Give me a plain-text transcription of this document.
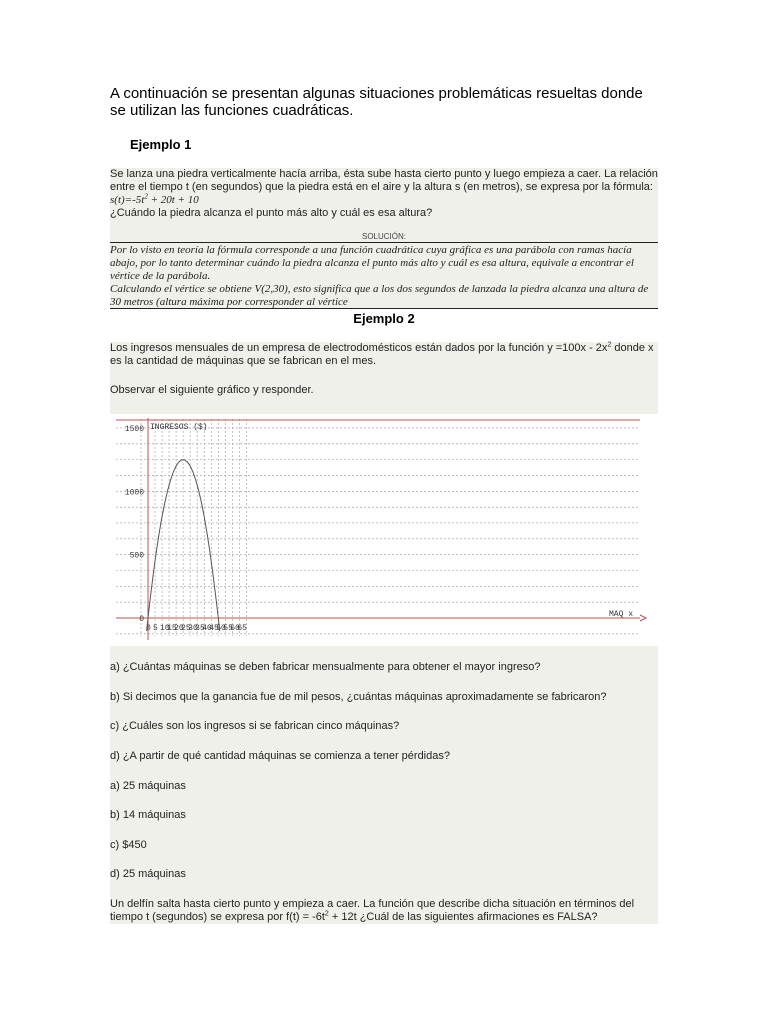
A continuación se presentan algunas situaciones problemáticas resueltas donde se utilizan las funciones cuadráticas.
Ejemplo 1

Se lanza una piedra verticalmente hacía arriba, ésta sube hasta cierto punto y luego empieza a caer. La relación entre el tiempo t (en segundos) que la piedra está en el aire y la altura s (en metros), se expresa por la fórmula:

$s(t)=-5t^2 + 20t + 10$

¿Cuándo la piedra alcanza el punto más alto y cuál es esa altura?

SOLUCIÓN:

Por lo visto en teoría la fórmula corresponde a una función cuadrática cuya gráfica es una parábola con ramas hacía abajo, por lo tanto determinar cuándo la piedra alcanza el punto más alto y cuál es esa altura, equivale a encontrar el vértice de la parábola.

Calculando el vértice se obtiene V(2,30), esto significa que a los dos segundos de lanzada la piedra alcanza una altura de 30 metros (altura máxima por corresponder al vértice

Ejemplo 2

Los ingresos mensuales de un empresa de electrodomésticos están dados por la función $y =100x - 2x^2$ donde x es la cantidad de máquinas que se fabrican en el mes.

Observar el siguiente gráfico y responder.

0 5 10
15
20
25
30
35
40
45
50
55
60
65
0
500
1000
1500 INGRESOS ($)
MAQ x
a) ¿Cuántas máquinas se deben fabricar mensualmente para obtener el mayor ingreso?
b) Si decimos que la ganancia fue de mil pesos, ¿cuántas máquinas aproximadamente se fabricaron?
c) ¿Cuáles son los ingresos si se fabrican cinco máquinas?
d) ¿A partir de qué cantidad máquinas se comienza a tener pérdidas?
a) 25 máquinas
b) 14 máquinas
c) $450
d) 25 máquinas

Un delfín salta hasta cierto punto y empieza a caer. La función que describe dicha situación en términos del tiempo t (segundos) se expresa por $f(t) = -6t^2 + 12t$ ¿Cuál de las siguientes afirmaciones es FALSA?
